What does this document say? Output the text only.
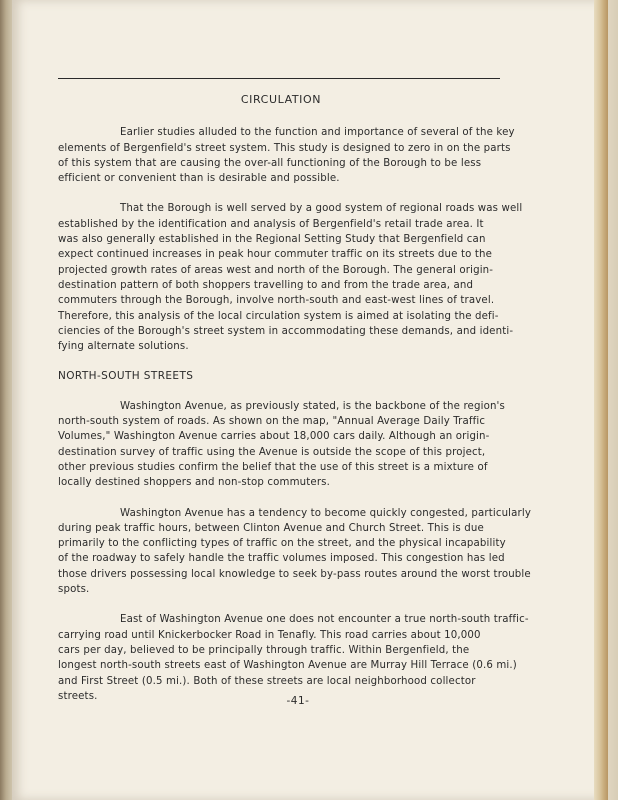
CIRCULATION
Earlier studies alluded to the function and importance of several of the key
elements of Bergenfield's street system. This study is designed to zero in on the parts
of this system that are causing the over-all functioning of the Borough to be less
efficient or convenient than is desirable and possible.
That the Borough is well served by a good system of regional roads was well
established by the identification and analysis of Bergenfield's retail trade area. It
was also generally established in the Regional Setting Study that Bergenfield can
expect continued increases in peak hour commuter traffic on its streets due to the
projected growth rates of areas west and north of the Borough. The general origin-
destination pattern of both shoppers travelling to and from the trade area, and
commuters through the Borough, involve north-south and east-west lines of travel.
Therefore, this analysis of the local circulation system is aimed at isolating the defi-
ciencies of the Borough's street system in accommodating these demands, and identi-
fying alternate solutions.
NORTH-SOUTH STREETS
Washington Avenue, as previously stated, is the backbone of the region's
north-south system of roads. As shown on the map, "Annual Average Daily Traffic
Volumes," Washington Avenue carries about 18,000 cars daily. Although an origin-
destination survey of traffic using the Avenue is outside the scope of this project,
other previous studies confirm the belief that the use of this street is a mixture of
locally destined shoppers and non-stop commuters.
Washington Avenue has a tendency to become quickly congested, particularly
during peak traffic hours, between Clinton Avenue and Church Street. This is due
primarily to the conflicting types of traffic on the street, and the physical incapability
of the roadway to safely handle the traffic volumes imposed. This congestion has led
those drivers possessing local knowledge to seek by-pass routes around the worst trouble
spots.
East of Washington Avenue one does not encounter a true north-south traffic-
carrying road until Knickerbocker Road in Tenafly. This road carries about 10,000
cars per day, believed to be principally through traffic. Within Bergenfield, the
longest north-south streets east of Washington Avenue are Murray Hill Terrace (0.6 mi.)
and First Street (0.5 mi.). Both of these streets are local neighborhood collector
streets.	-41-
